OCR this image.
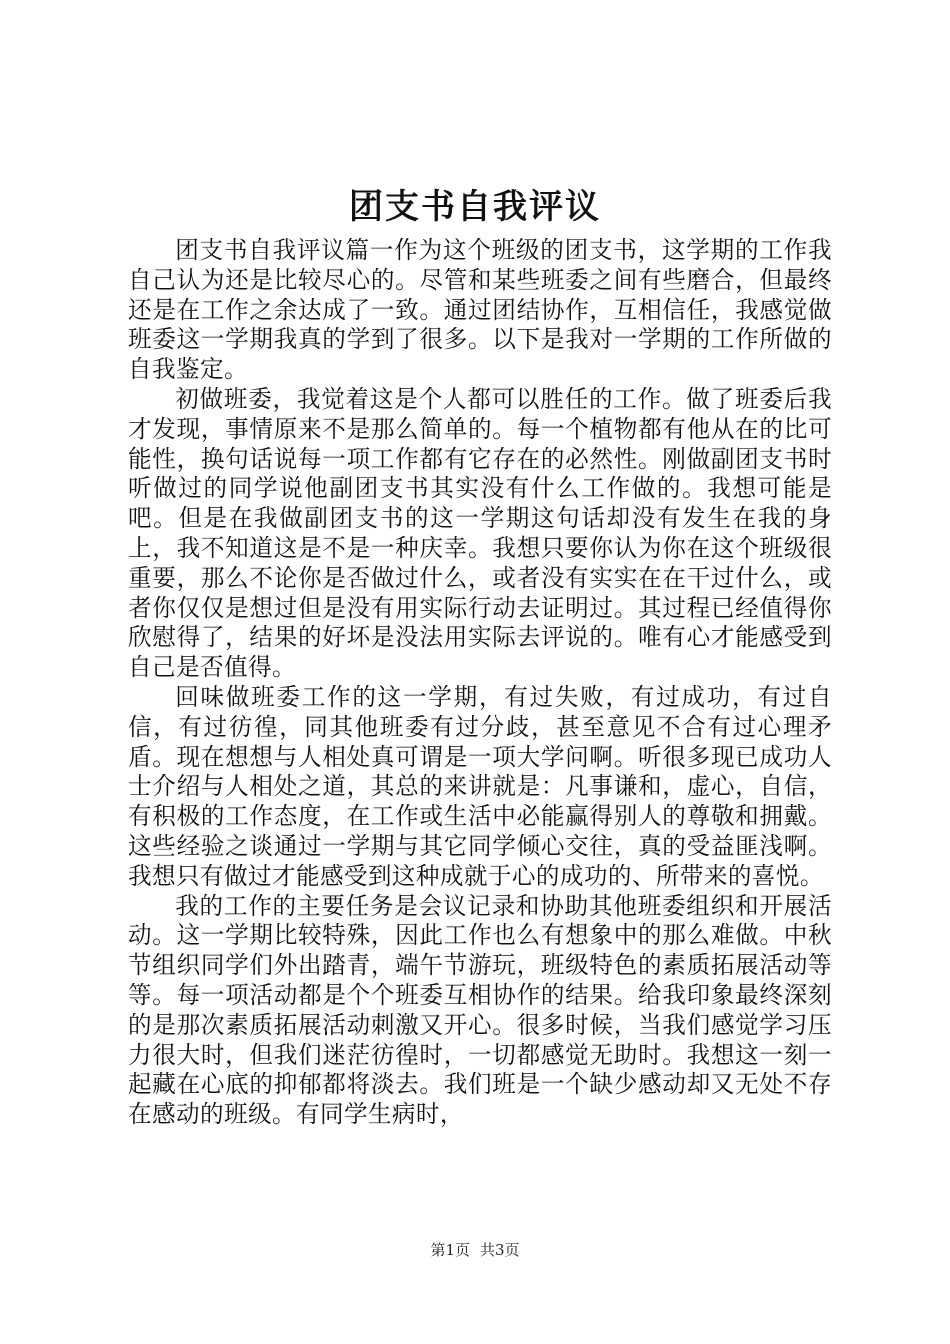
团支书自我评议

团支书自我评议篇一作为这个班级的团支书，这学期的工作我自己认为还是比较尽心的。尽管和某些班委之间有些磨合，但最终还是在工作之余达成了一致。通过团结协作，互相信任，我感觉做班委这一学期我真的学到了很多。以下是我对一学期的工作所做的自我鉴定。

初做班委，我觉着这是个人都可以胜任的工作。做了班委后我才发现，事情原来不是那么简单的。每一个植物都有他从在的比可能性，换句话说每一项工作都有它存在的必然性。刚做副团支书时听做过的同学说他副团支书其实没有什么工作做的。我想可能是吧。但是在我做副团支书的这一学期这句话却没有发生在我的身上，我不知道这是不是一种庆幸。我想只要你认为你在这个班级很重要，那么不论你是否做过什么，或者没有实实在在干过什么，或者你仅仅是想过但是没有用实际行动去证明过。其过程已经值得你欣慰得了，结果的好坏是没法用实际去评说的。唯有心才能感受到自己是否值得。

回味做班委工作的这一学期，有过失败，有过成功，有过自信，有过彷徨，同其他班委有过分歧，甚至意见不合有过心理矛盾。现在想想与人相处真可谓是一项大学问啊。听很多现已成功人士介绍与人相处之道，其总的来讲就是：凡事谦和，虚心，自信，有积极的工作态度，在工作或生活中必能赢得别人的尊敬和拥戴。这些经验之谈通过一学期与其它同学倾心交往，真的受益匪浅啊。我想只有做过才能感受到这种成就于心的成功的、所带来的喜悦。

我的工作的主要任务是会议记录和协助其他班委组织和开展活动。这一学期比较特殊，因此工作也么有想象中的那么难做。中秋节组织同学们外出踏青，端午节游玩，班级特色的素质拓展活动等等。每一项活动都是个个班委互相协作的结果。给我印象最终深刻的是那次素质拓展活动刺激又开心。很多时候，当我们感觉学习压力很大时，但我们迷茫彷徨时，一切都感觉无助时。我想这一刻一起藏在心底的抑郁都将淡去。我们班是一个缺少感动却又无处不存在感动的班级。有同学生病时，

第1页 共3页
